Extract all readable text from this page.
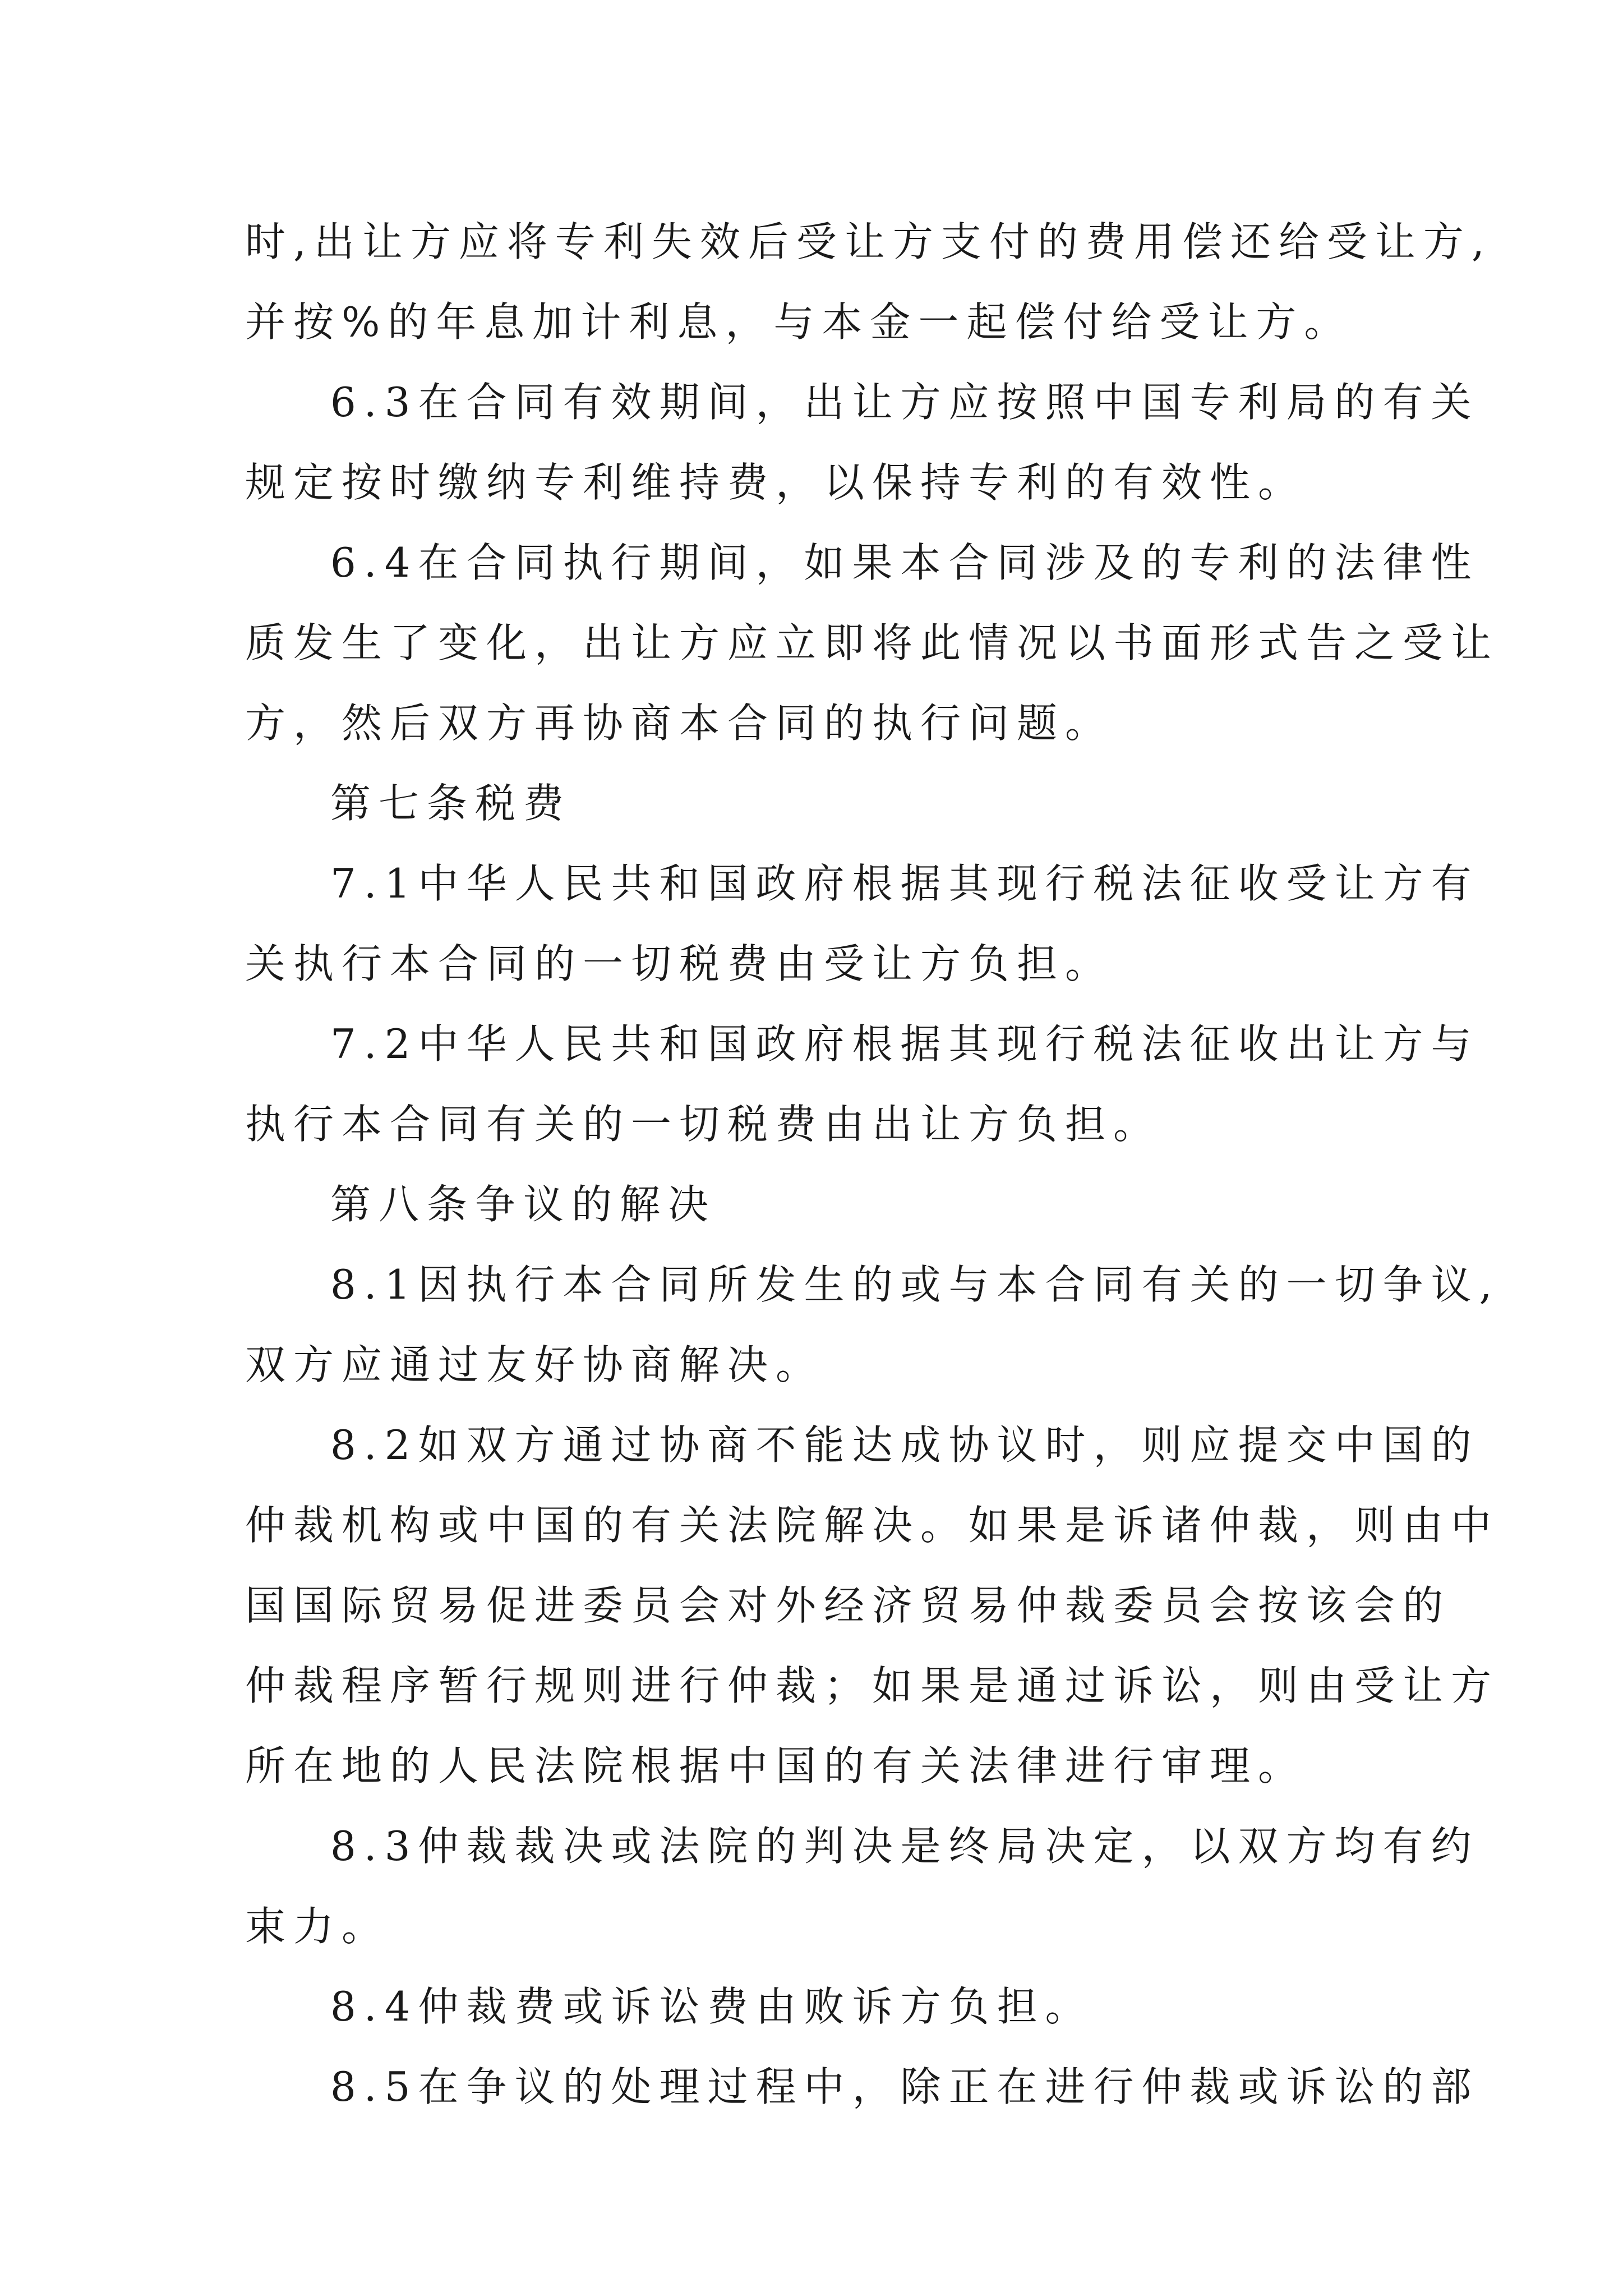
时,出让方应将专利失效后受让方支付的费用偿还给受让方,
并按%的年息加计利息，与本金一起偿付给受让方。
6.3在合同有效期间，出让方应按照中国专利局的有关
规定按时缴纳专利维持费，以保持专利的有效性。
6.4在合同执行期间，如果本合同涉及的专利的法律性
质发生了变化，出让方应立即将此情况以书面形式告之受让
方，然后双方再协商本合同的执行问题。
第七条税费
7.1中华人民共和国政府根据其现行税法征收受让方有
关执行本合同的一切税费由受让方负担。
7.2中华人民共和国政府根据其现行税法征收出让方与
执行本合同有关的一切税费由出让方负担。
第八条争议的解决
8.1因执行本合同所发生的或与本合同有关的一切争议,
双方应通过友好协商解决。
8.2如双方通过协商不能达成协议时，则应提交中国的
仲裁机构或中国的有关法院解决。如果是诉诸仲裁，则由中
国国际贸易促进委员会对外经济贸易仲裁委员会按该会的
仲裁程序暂行规则进行仲裁；如果是通过诉讼，则由受让方
所在地的人民法院根据中国的有关法律进行审理。
8.3仲裁裁决或法院的判决是终局决定，以双方均有约
束力。
8.4仲裁费或诉讼费由败诉方负担。
8.5在争议的处理过程中，除正在进行仲裁或诉讼的部
